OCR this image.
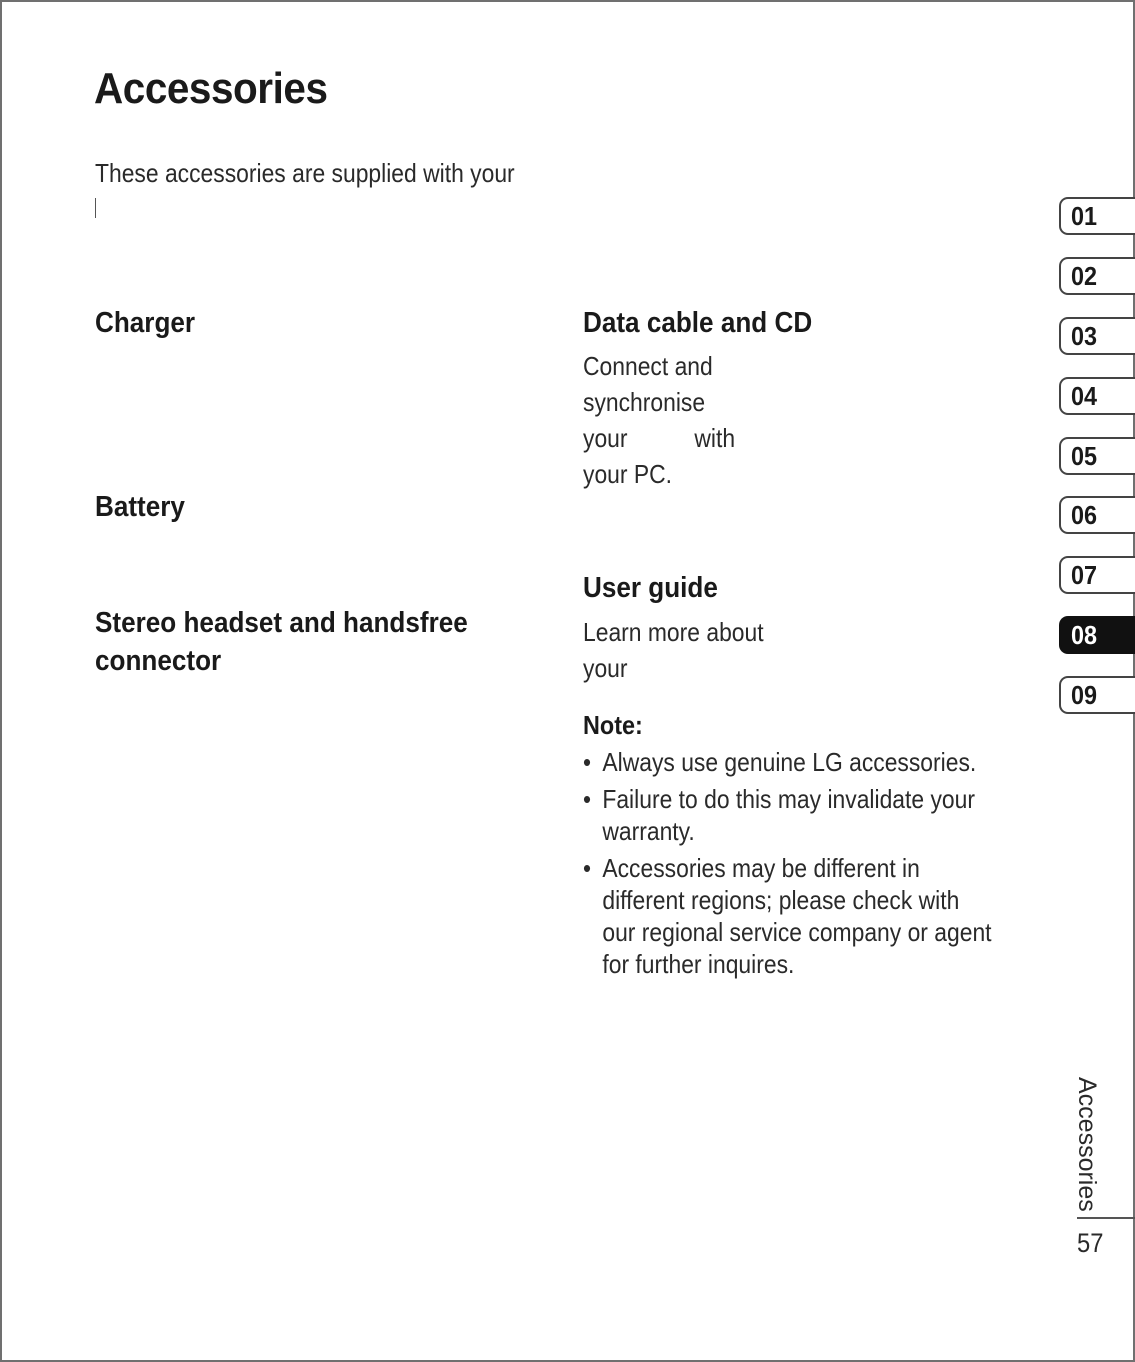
Accessories
These accessories are supplied with your
Charger
Battery
Stereo headset and handsfree
connector
Data cable and CD
Connect and
synchronise
your	with
your PC.
User guide
Learn more about
your
Note:
• Always use genuine LG accessories.
• Failure to do this may invalidate your warranty.
• Accessories may be different in different regions; please check with our regional service company or agent for further inquires.
01
02
03
04
05
06
07
08
09
Accessories
57
